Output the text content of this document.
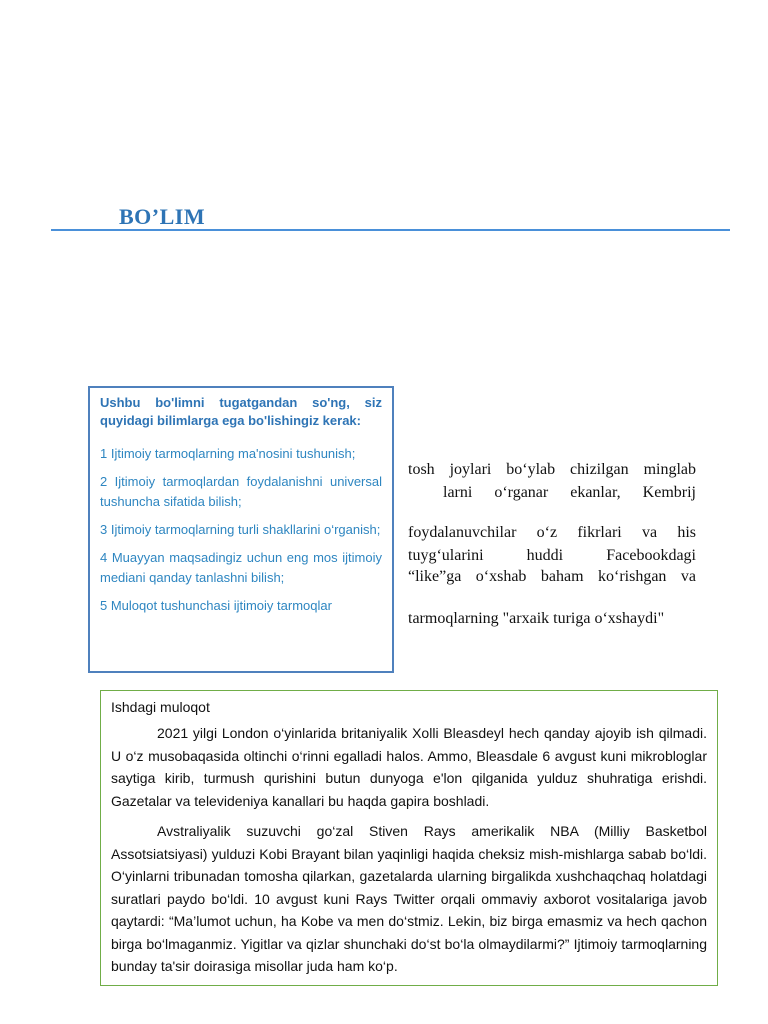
BO’LIM

Ushbu bo'limni tugatgandan so'ng, siz quyidagi bilimlarga ega bo'lishingiz kerak:

1 Ijtimoiy tarmoqlarning ma'nosini tushunish;

2 Ijtimoiy tarmoqlardan foydalanishni universal tushuncha sifatida bilish;

3 Ijtimoiy tarmoqlarning turli shakllarini o‘rganish;

4 Muayyan maqsadingiz uchun eng mos ijtimoiy mediani qanday tanlashni bilish;

5 Muloqot tushunchasi ijtimoiy tarmoqlar

tosh joylari bo‘ylab chizilgan minglab
larni o‘rganar ekanlar, Kembrij
foydalanuvchilar o‘z fikrlari va his
tuyg‘ularini huddi Facebookdagi
“like”ga o‘xshab baham ko‘rishgan va
tarmoqlarning "arxaik turiga o‘xshaydi"

Ishdagi muloqot

2021 yilgi London o‘yinlarida britaniyalik Xolli Bleasdeyl hech qanday ajoyib ish qilmadi. U o‘z musobaqasida oltinchi o‘rinni egalladi halos. Ammo, Bleasdale 6 avgust kuni mikrobloglar saytiga kirib, turmush qurishini butun dunyoga e'lon qilganida yulduz shuhratiga erishdi. Gazetalar va televideniya kanallari bu haqda gapira boshladi.

Avstraliyalik suzuvchi go‘zal Stiven Rays amerikalik NBA (Milliy Basketbol Assotsiatsiyasi) yulduzi Kobi Brayant bilan yaqinligi haqida cheksiz mish-mishlarga sabab bo‘ldi. O‘yinlarni tribunadan tomosha qilarkan, gazetalarda ularning birgalikda xushchaqchaq holatdagi suratlari paydo bo‘ldi. 10 avgust kuni Rays Twitter orqali ommaviy axborot vositalariga javob qaytardi: “Ma’lumot uchun, ha Kobe va men do‘stmiz. Lekin, biz birga emasmiz va hech qachon birga bo‘lmaganmiz. Yigitlar va qizlar shunchaki do‘st bo‘la olmaydilarmi?” Ijtimoiy tarmoqlarning bunday ta'sir doirasiga misollar juda ham ko‘p.
